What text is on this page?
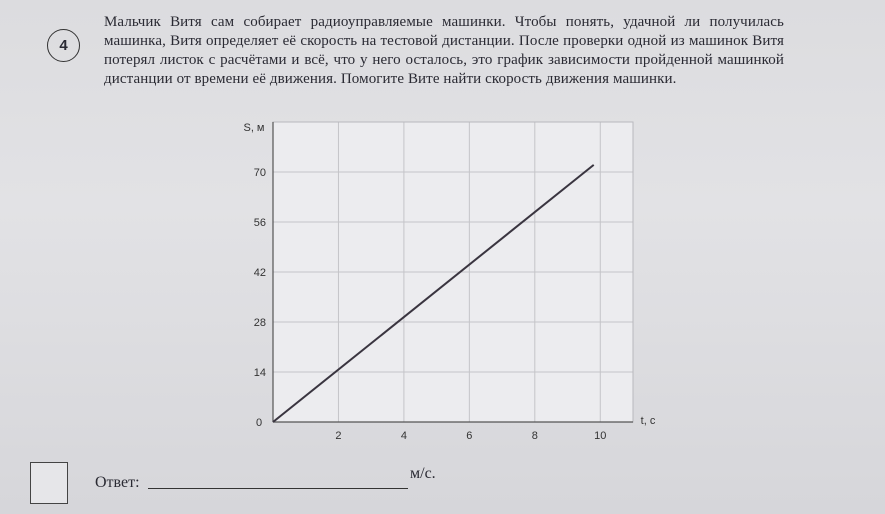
4
Мальчик Витя сам собирает радиоуправляемые машинки. Чтобы понять, удачной ли получилась машинка, Витя определяет её скорость на тестовой дистанции. После проверки одной из машинок Витя потерял листок с расчётами и всё, что у него осталось, это график зависимости пройденной машинкой дистанции от времени её движения. Помогите Вите найти скорость движения машинки.
14
28
42
56
70
2	4	6	8	10
0
S, м
t, с
Ответ:
м/с.
